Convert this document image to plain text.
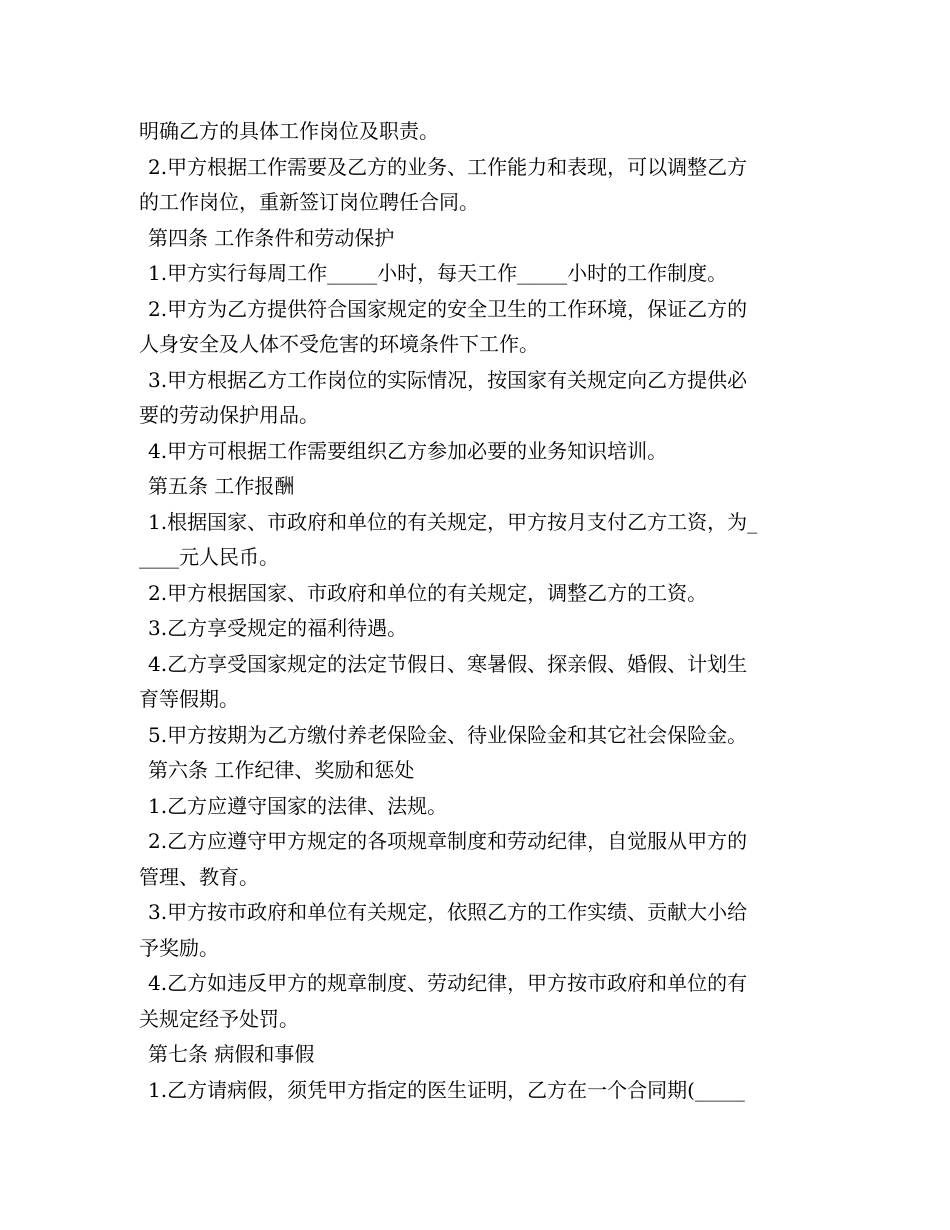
明确乙方的具体工作岗位及职责。
2.甲方根据工作需要及乙方的业务、工作能力和表现，可以调整乙方
的工作岗位，重新签订岗位聘任合同。
第四条 工作条件和劳动保护
1.甲方实行每周工作_____小时，每天工作_____小时的工作制度。
2.甲方为乙方提供符合国家规定的安全卫生的工作环境，保证乙方的
人身安全及人体不受危害的环境条件下工作。
3.甲方根据乙方工作岗位的实际情况，按国家有关规定向乙方提供必
要的劳动保护用品。
4.甲方可根据工作需要组织乙方参加必要的业务知识培训。
第五条 工作报酬
1.根据国家、市政府和单位的有关规定，甲方按月支付乙方工资，为_
____元人民币。
2.甲方根据国家、市政府和单位的有关规定，调整乙方的工资。
3.乙方享受规定的福利待遇。
4.乙方享受国家规定的法定节假日、寒暑假、探亲假、婚假、计划生
育等假期。
5.甲方按期为乙方缴付养老保险金、待业保险金和其它社会保险金。
第六条 工作纪律、奖励和惩处
1.乙方应遵守国家的法律、法规。
2.乙方应遵守甲方规定的各项规章制度和劳动纪律，自觉服从甲方的
管理、教育。
3.甲方按市政府和单位有关规定，依照乙方的工作实绩、贡献大小给
予奖励。
4.乙方如违反甲方的规章制度、劳动纪律，甲方按市政府和单位的有
关规定经予处罚。
第七条 病假和事假
1.乙方请病假，须凭甲方指定的医生证明，乙方在一个合同期(_____
